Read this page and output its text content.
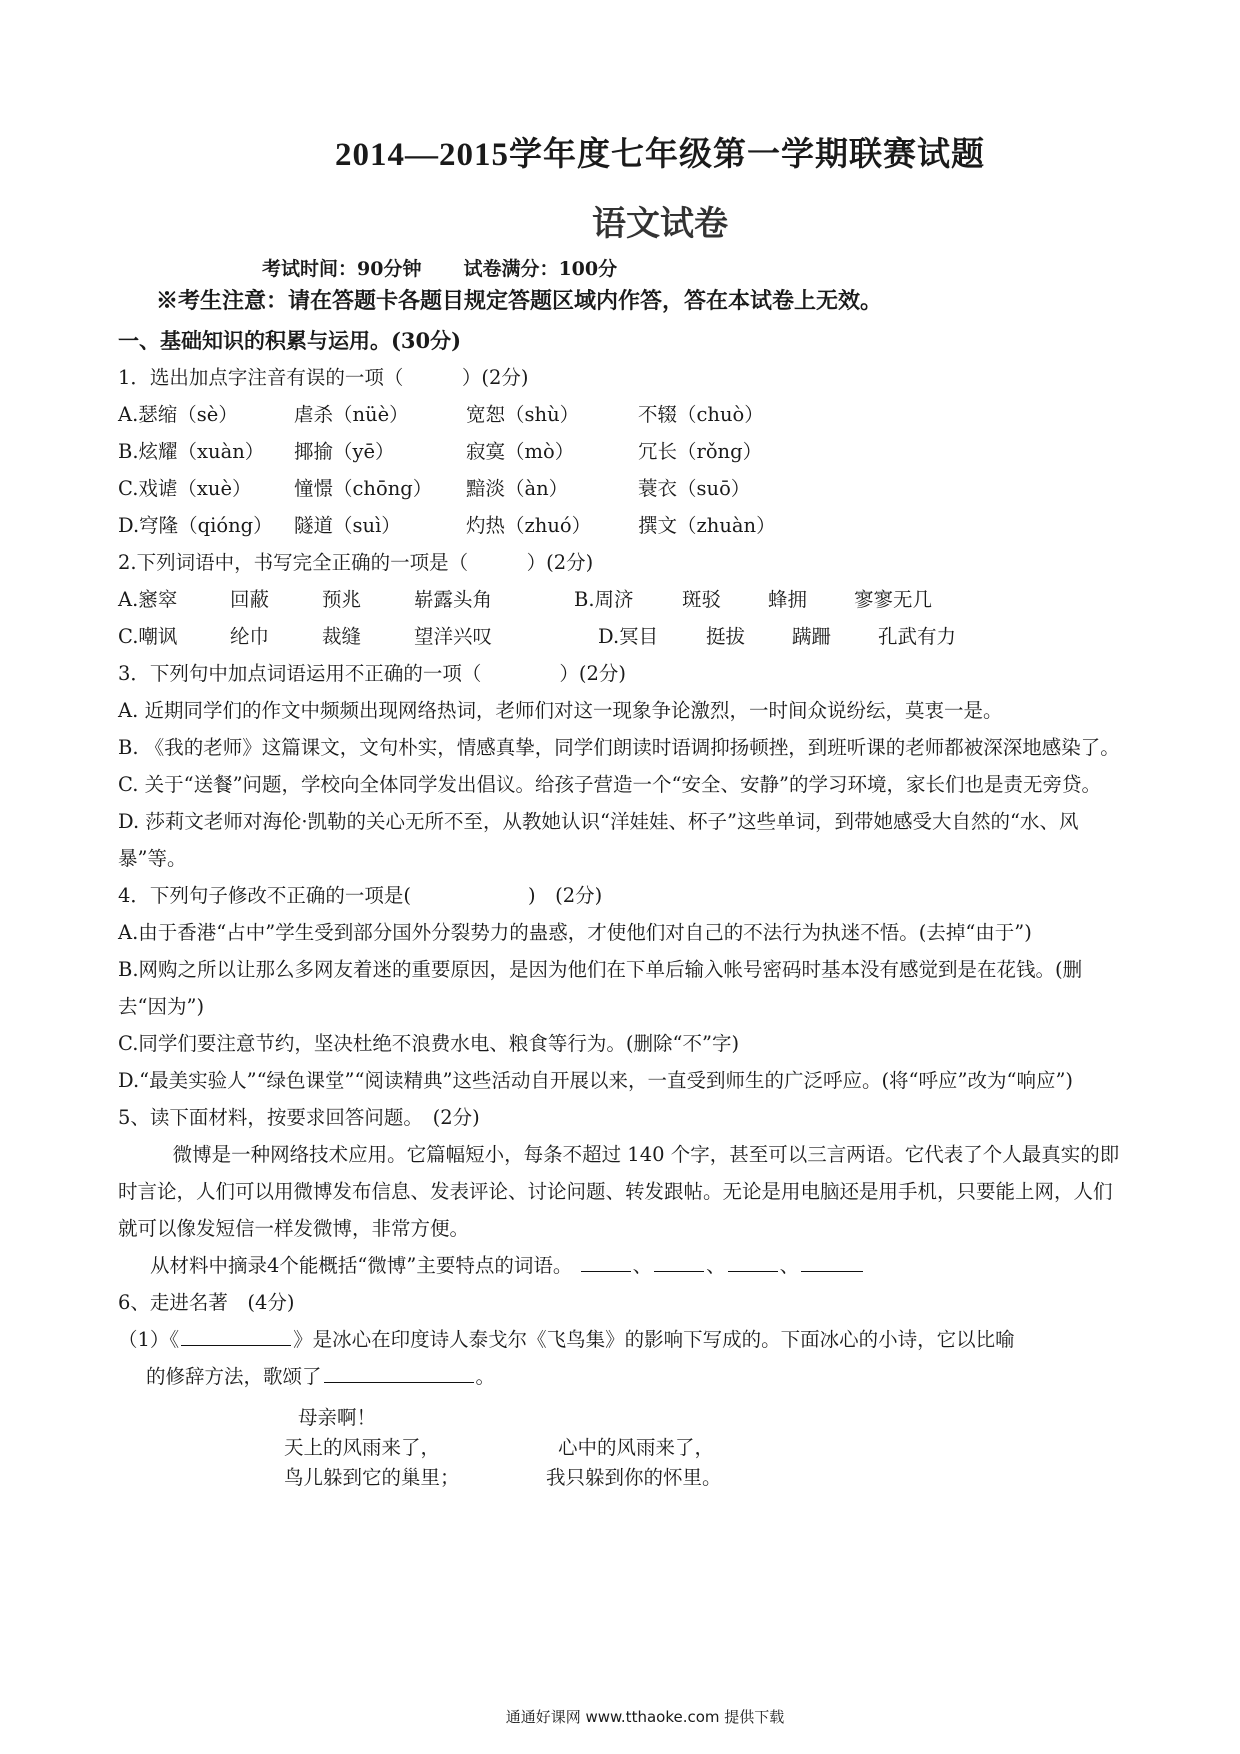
2014—2015学年度七年级第一学期联赛试题
语文试卷
考试时间：90分钟 试卷满分：100分
※考生注意：请在答题卡各题目规定答题区域内作答，答在本试卷上无效。
一、基础知识的积累与运用。(30分)
1．选出加点字注音有误的一项（　　　）(2分)
A.瑟缩（sè）	虐杀（nüè）	宽恕（shù）	不辍（chuò）
B.炫耀（xuàn） 揶揄（yē）	寂寞（mò）	冗长（rǒng）
C.戏谑（xuè） 憧憬（chōng） 黯淡（àn）	蓑衣（suō）
D.穹隆（qióng） 隧道（suì）	灼热（zhuó） 撰文（zhuàn）
2.下列词语中，书写完全正确的一项是（　　　）(2分)
A.窸窣	回蔽	预兆	崭露头角	B.周济 斑驳 蜂拥 寥寥无几
C.嘲讽	纶巾	裁缝	望洋兴叹	D.冥目 挺拔 蹒跚 孔武有力
3．下列句中加点词语运用不正确的一项（　　　　）(2分)
A. 近期同学们的作文中频频出现网络热词，老师们对这一现象争论激烈，一时间众说纷纭，莫衷一是。
B. 《我的老师》这篇课文，文句朴实，情感真挚，同学们朗读时语调抑扬顿挫，到班听课的老师都被深深地感染了。
C. 关于“送餐”问题，学校向全体同学发出倡议。给孩子营造一个“安全、安静”的学习环境，家长们也是责无旁贷。
D. 莎莉文老师对海伦·凯勒的关心无所不至，从教她认识“洋娃娃、杯子”这些单词，到带她感受大自然的“水、风暴”等。
4．下列句子修改不正确的一项是(　　　　　　)　(2分)
A.由于香港“占中”学生受到部分国外分裂势力的蛊惑，才使他们对自己的不法行为执迷不悟。(去掉“由于”)
B.网购之所以让那么多网友着迷的重要原因，是因为他们在下单后输入帐号密码时基本没有感觉到是在花钱。(删去“因为”)
C.同学们要注意节约，坚决杜绝不浪费水电、粮食等行为。(删除“不”字)
D.“最美实验人”“绿色课堂”“阅读精典”这些活动自开展以来，一直受到师生的广泛呼应。(将“呼应”改为“响应”)
5、读下面材料，按要求回答问题。　(2分)
微博是一种网络技术应用。它篇幅短小，每条不超过 140 个字，甚至可以三言两语。它代表了个人最真实的即时言论，人们可以用微博发布信息、发表评论、讨论问题、转发跟帖。无论是用电脑还是用手机，只要能上网，人们就可以像发短信一样发微博，非常方便。
从材料中摘录4个能概括“微博”主要特点的词语。	、	、	、
6、走进名著　(4分)
（1）《	》是冰心在印度诗人泰戈尔《飞鸟集》的影响下写成的。下面冰心的小诗，它以比喻
的修辞方法，歌颂了	。
母亲啊！
天上的风雨来了，	心中的风雨来了，
鸟儿躲到它的巢里；	我只躲到你的怀里。
通通好课网 www.tthaoke.com 提供下载
